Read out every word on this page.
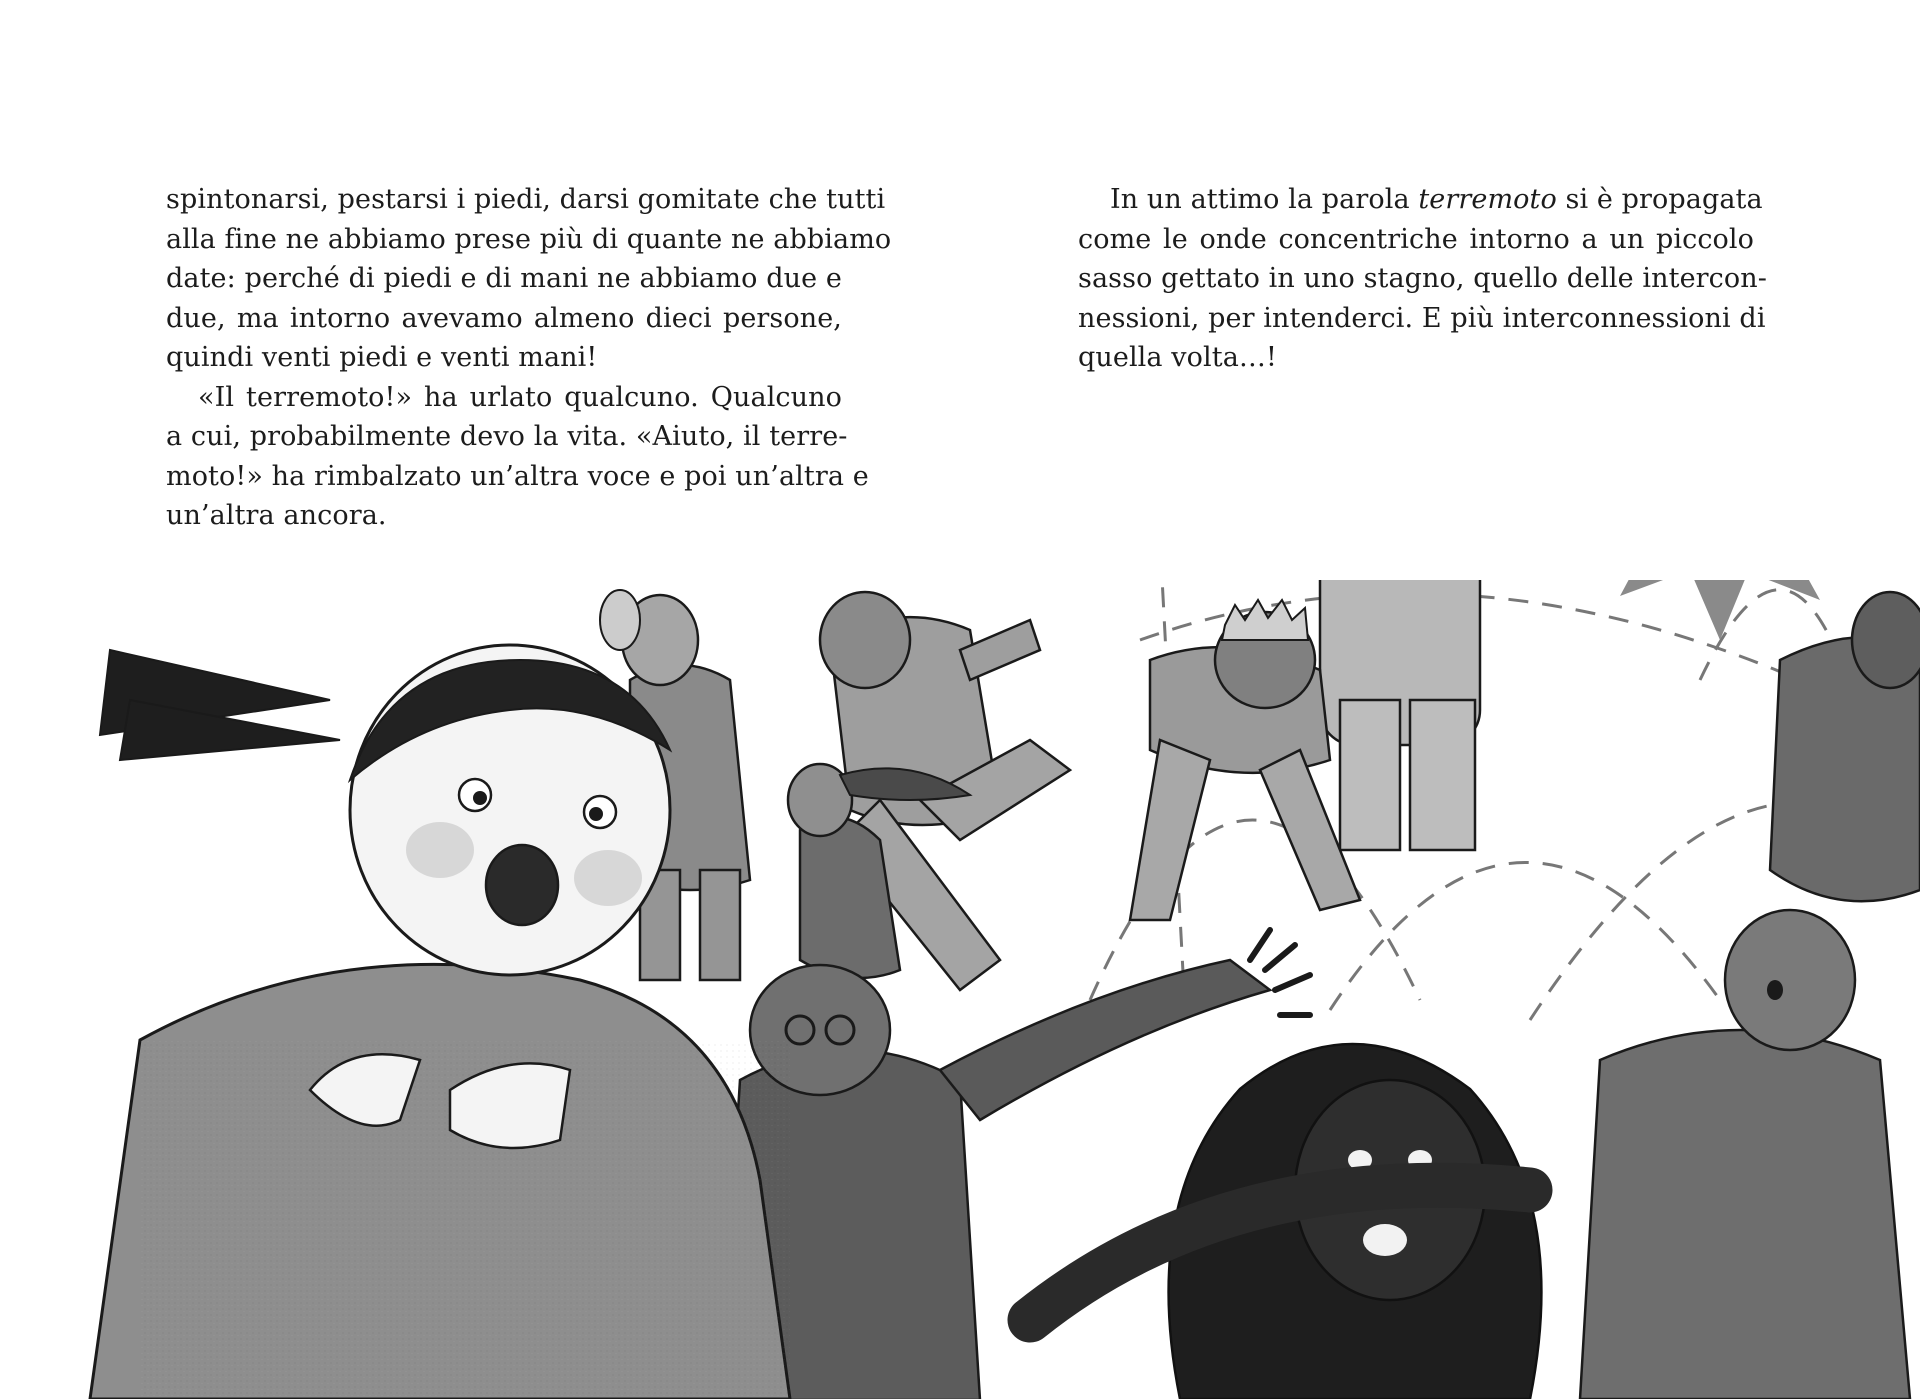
spintonarsi, pestarsi i piedi, darsi gomitate che tutti
alla fine ne abbiamo prese più di quante ne abbiamo
date: perché di piedi e di mani ne abbiamo due e
due, ma intorno avevamo almeno dieci persone,
quindi venti piedi e venti mani!
«Il terremoto!» ha urlato qualcuno. Qualcuno
a cui, probabilmente devo la vita. «Aiuto, il terre-
moto!» ha rimbalzato un’altra voce e poi un’altra e
un’altra ancora.
In un attimo la parola terremoto si è propagata
come le onde concentriche intorno a un piccolo
sasso gettato in uno stagno, quello delle intercon-
nessioni, per intenderci. E più interconnessioni di
quella volta…!
